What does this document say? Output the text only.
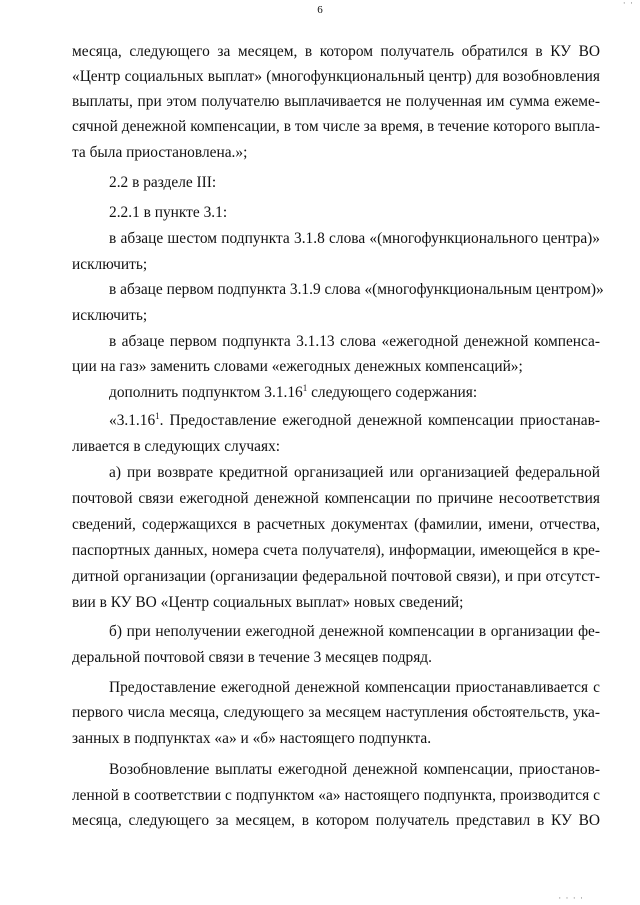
6
· ·
месяца, следующего за месяцем, в котором получатель обратился в КУ ВО
«Центр социальных выплат» (многофункциональный центр) для возобновления
выплаты, при этом получателю выплачивается не полученная им сумма ежеме-
сячной денежной компенсации, в том числе за время, в течение которого выпла-
та была приостановлена.»;
2.2 в разделе III:
2.2.1 в пункте 3.1:
в абзаце шестом подпункта 3.1.8 слова «(многофункционального центра)»
исключить;
в абзаце первом подпункта 3.1.9 слова «(многофункциональным центром)»
исключить;
в абзаце первом подпункта 3.1.13 слова «ежегодной денежной компенса-
ции на газ» заменить словами «ежегодных денежных компенсаций»;
дополнить подпунктом 3.1.16$^1$ следующего содержания:
«3.1.16$^1$. Предоставление ежегодной денежной компенсации приостанав-
ливается в следующих случаях:
а) при возврате кредитной организацией или организацией федеральной
почтовой связи ежегодной денежной компенсации по причине несоответствия
сведений, содержащихся в расчетных документах (фамилии, имени, отчества,
паспортных данных, номера счета получателя), информации, имеющейся в кре-
дитной организации (организации федеральной почтовой связи), и при отсутст-
вии в КУ ВО «Центр социальных выплат» новых сведений;
б) при неполучении ежегодной денежной компенсации в организации фе-
деральной почтовой связи в течение 3 месяцев подряд.
Предоставление ежегодной денежной компенсации приостанавливается с
первого числа месяца, следующего за месяцем наступления обстоятельств, ука-
занных в подпунктах «а» и «б» настоящего подпункта.
Возобновление выплаты ежегодной денежной компенсации, приостанов-
ленной в соответствии с подпунктом «а» настоящего подпункта, производится с
месяца, следующего за месяцем, в котором получатель представил в КУ ВО
· · · ·
